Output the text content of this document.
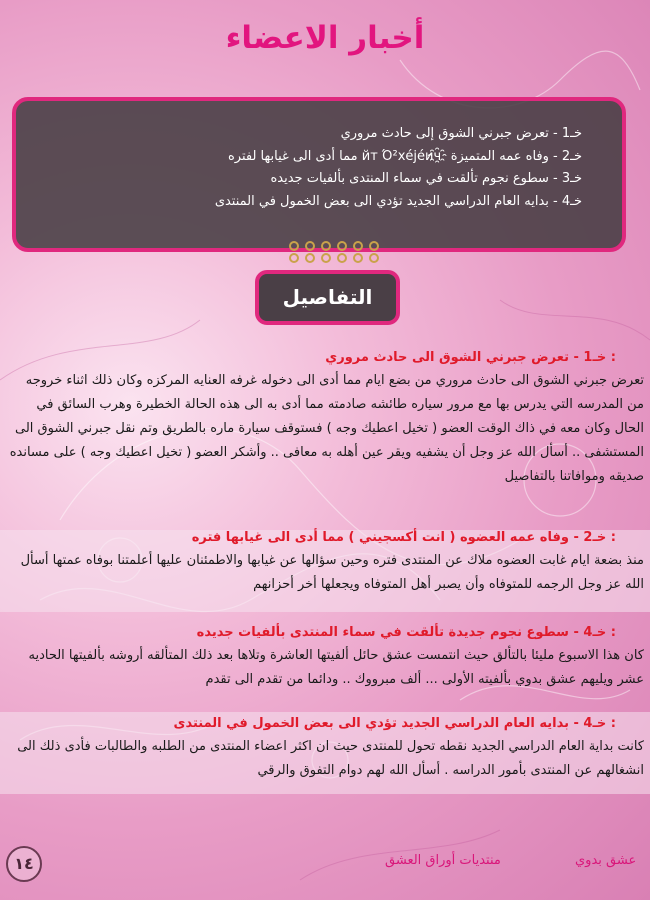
أخبار الاعضاء
خـ1 - تعرض جبرني الشوق إلى حادث مروري
خـ2 - وفاه عمه المتميزة ҈йт Ό²хéјéич مما أدى الى غيابها لفتره
خـ3 - سطوع نجوم تألقت في سماء المنتدى بألفيات جديده
خـ4 - بدايه العام الدراسي الجديد تؤدي الى بعض الخمول في المنتدى
التفاصيل
: خـ1 - تعرض جبرني الشوق الى حادث مروري
تعرض جبرني الشوق الى حادث مروري من بضع ايام مما أدى الى دخوله غرفه العنايه المركزه وكان ذلك اثناء خروجه من المدرسه التي يدرس بها مع مرور سياره طائشه صادمته مما أدى به الى هذه الحالة الخطيرة وهرب السائق في الحال وكان معه في ذاك الوقت العضو ( تخيل اعطيك وجه ) فستوقف سيارة ماره بالطريق وتم نقل جبرني الشوق الى المستشفى .. أسأل الله عز وجل أن يشفيه ويقر عين أهله به معافى .. وأشكر العضو ( تخيل اعطيك وجه ) على مسانده صديقه وموافاتنا بالتفاصيل
: خـ2 - وفاه عمه العضوه ( انت أكسجيني ) مما أدى الى غيابها فتره
منذ بضعة ايام غابت العضوه ملاك عن المنتدى فتره وحين سؤالها عن غيابها والاطمئنان عليها أعلمتنا بوفاه عمتها أسأل الله عز وجل الرجمه للمتوفاه وأن يصبر أهل المتوفاه ويجعلها أخر أحزانهم
: خـ4 - سطوع نجوم جديدة تألقت في سماء المنتدى بألفيات جديده
كان هذا الاسبوع مليئا بالتألق حيث انتمست عشق حائل ألفيتها العاشرة وتلاها بعد ذلك المتألقه أروشه بألفيتها الحاديه عشر ويليهم عشق بدوي بألفيته الأولى ... ألف مبرووك .. ودائما من تقدم الى تقدم
: خـ4 - بدايه العام الدراسي الجديد تؤدي الى بعض الخمول في المنتدى
كانت بداية العام الدراسي الجديد نقطه تحول للمنتدى حيث ان اكثر اعضاء المنتدى من الطلبه والطالبات فأدى ذلك الى انشغالهم عن المنتدى بأمور الدراسه . أسأل الله لهم دوام التفوق والرقي
١٤	منتديات أوراق العشق	عشق بدوي
